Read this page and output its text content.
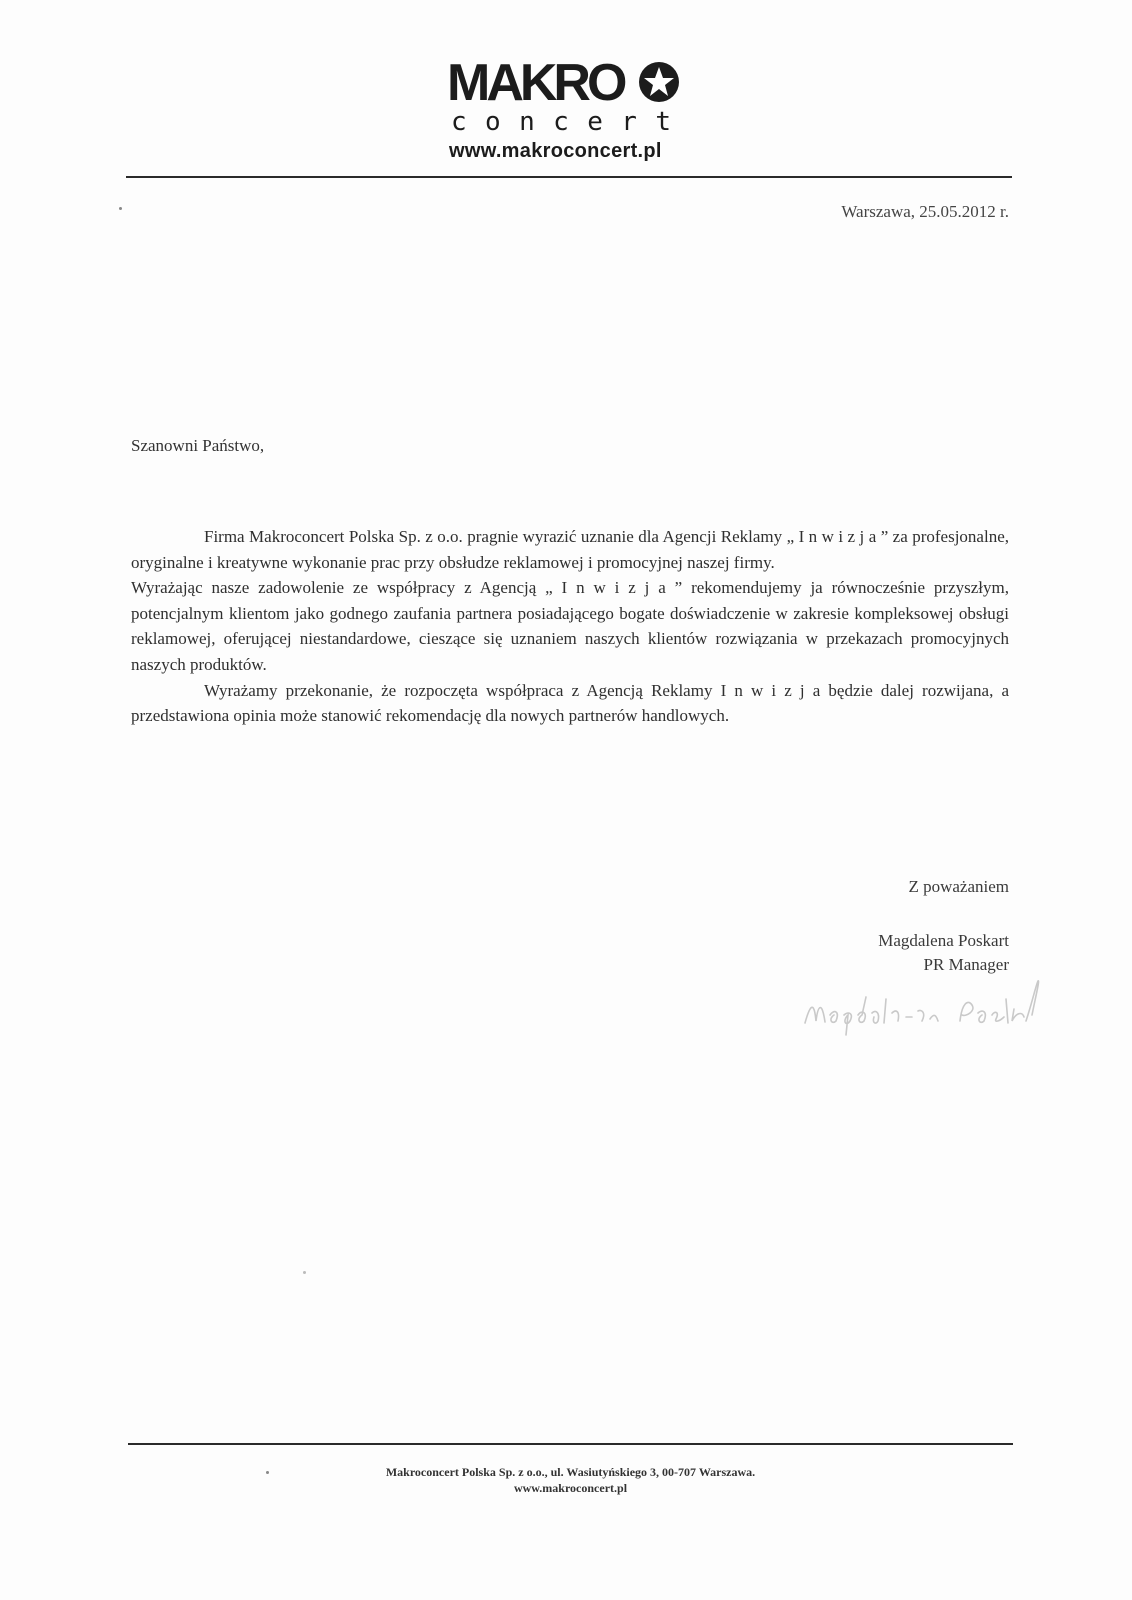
MAKRO
concert
www.makroconcert.pl
Warszawa, 25.05.2012 r.
Szanowni Państwo,

Firma Makroconcert Polska Sp. z o.o. pragnie wyrazić uznanie dla Agencji Reklamy „ I n w i z j a ” za profesjonalne, oryginalne i kreatywne wykonanie prac przy obsłudze reklamowej i promocyjnej naszej firmy.

Wyrażając nasze zadowolenie ze współpracy z Agencją „ I n w i z j a ” rekomendujemy ja równocześnie przyszłym, potencjalnym klientom jako godnego zaufania partnera posiadającego bogate doświadczenie w zakresie kompleksowej obsługi reklamowej, oferującej niestandardowe, cieszące się uznaniem naszych klientów rozwiązania w przekazach promocyjnych naszych produktów.

Wyrażamy przekonanie, że rozpoczęta współpraca z Agencją Reklamy I n w i z j a będzie dalej rozwijana, a przedstawiona opinia może stanowić rekomendację dla nowych partnerów handlowych.

Z poważaniem
Magdalena Poskart
PR Manager
Makroconcert Polska Sp. z o.o., ul. Wasiutyńskiego 3, 00-707 Warszawa.
www.makroconcert.pl
